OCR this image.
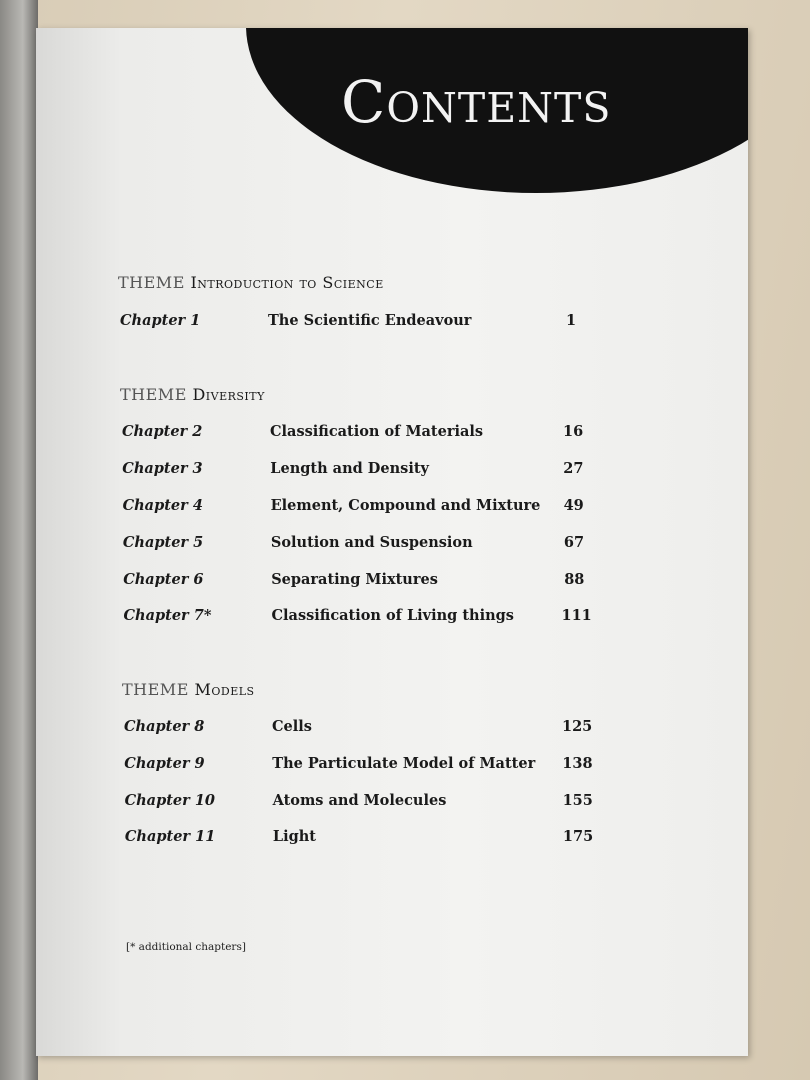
Contents
THEME Introduction to Science
Chapter 1	The Scientific Endeavour	1
THEME Diversity
Chapter 2	Classification of Materials	16
Chapter 3	Length and Density	27
Chapter 4	Element, Compound and Mixture 49
Chapter 5	Solution and Suspension	67
Chapter 6	Separating Mixtures	88
Chapter 7*	Classification of Living things	111
THEME Models
Chapter 8	Cells	125
Chapter 9	The Particulate Model of Matter 138
Chapter 10	Atoms and Molecules	155
Chapter 11	Light	175
[* additional chapters]
